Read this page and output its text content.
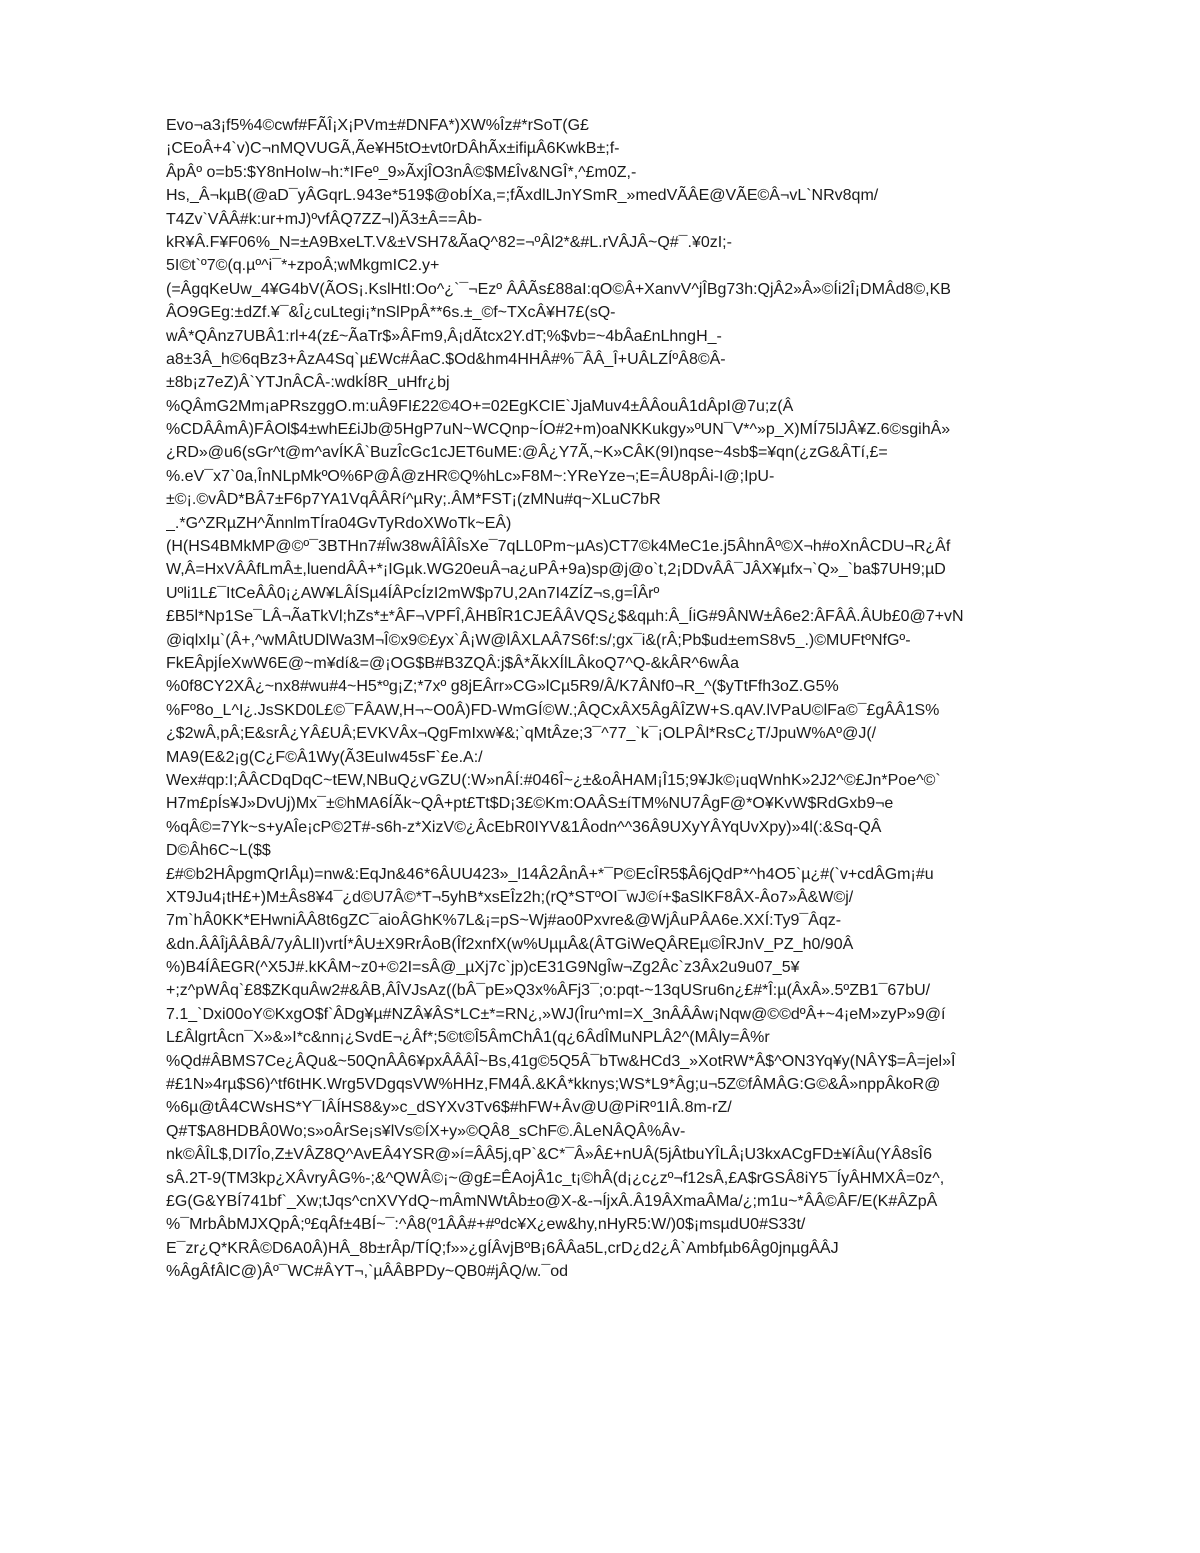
Evo¬a3¡f5%4©cwf#FÃÎ¡X¡PVm±#DNFA*)XW%Îz#*rSoT(G£
¡CEoÂ+4`v)C¬nMQVUGÃ,Ãe¥H5tO±vt0rDÂhÃx±ifiµÂ6KwkB±;f-
ÂpÂº o=b5:$Y8nHoIw¬h:*IFeº_9»ÃxjÎO3nÂ©$M£Îv&NGÎ*,^£m0Z,-
Hs,_Â¬kµB(@aD¯yÂGqrL.943e*519$@obÍXa,=;fÃxdlLJnYSmR_»medVÃÂE@VÃE©Â¬vL`NRv8qm/
T4Zv`VÂÂ#k:ur+mJ)ºvfÂQ7ZZ¬l)Ã3±Â==Âb-
kR¥Â.F¥F06%_N=±A9BxeLT.V&±VSH7&ÃaQ^82=¬ºÂl2*&#L.rVÂJÂ~Q#¯.¥0zI;-
5I©t`º7©(q.µº^i¯*+zpoÂ;wMkgmIC2.y+
(=ÂgqKeUw_4¥G4bV(ÃOS¡.KslHtI:Oo^¿`¯¬Ezº ÂÂÃs£88aI:qO©Â+XanvV^jÎBg73h:QjÂ2»Â»©Íi2Î¡DMÂd8©,KB
ÂO9GEg:±dZf.¥¯&Î¿cuLtegi¡*nSlPpÂ**6s.±_©f~TXcÂ¥H7£(sQ-
wÂ*QÂnz7UBÂ1:rl+4(z£~ÃaTr$»ÂFm9,Â¡dÃtcx2Y.dT;%$vb=~4bÂa£nLhngH_-
a8±3Â_h©6qBz3+ÂzA4Sq`µ£Wc#ÂaC.$Od&hm4HHÂ#%¯ÂÂ_Î+UÂLZÍºÂ8©Â-
±8b¡z7eZ)Â`YTJnÂCÂ-:wdkÍ8R_uHfr¿bj
%QÂmG2Mm¡aPRszggO.m:uÂ9FI£22©4O+=02EgKCIE`JjaMuv4±ÂÂouÂ1dÂpI@7u;z(Â
%CDÂÂmÂ)FÂOl$4±whE£iJb@5HgP7uN~WCQnp~ÍO#2+m)oaNKKukgy»ºUN¯V*^»p_X)MÍ75lJÂ¥Z.6©sgihÂ»
¿RD»@u6(sGr^t@m^avÍKÂ`BuzÎcGc1cJET6uME:@Â¿Y7Ã,~K»CÂK(9I)nqse~4sb$=¥qn(¿zG&ÂTí,£=
%.eV¯x7`0a,ÎnNLpMkºO%6P@Â@zHR©Q%hLc»F8M~:YReYze¬;E=ÂU8pÂi-I@;IpU-
±©¡.©vÂD*BÂ7±F6p7YA1VqÂÂRí^µRy;.ÂM*FST¡(zMNu#q~XLuC7bR
_.*G^ZRµZH^ÃnnlmTÍra04GvTyRdoXWoTk~EÂ)
(H(HS4BMkMP@©º¯3BTHn7#Îw38wÂÎÂÎsXe¯7qLL0Pm~µAs)CT7©k4MeC1e.j5ÂhnÂº©X¬h#oXnÂCDU¬R¿Âf
W,Â=HxVÂÂfLmÂ±,luendÂÂ+*¡IGµk.WG20euÂ¬a¿uPÂ+9a)sp@j@o`t,2¡DDvÂÂ¯JÂX¥µfx¬`Q»_`ba$7UH9;µD
Uºli1L£¯ItCeÂÂ0¡¿AW¥LÂÍSµ4ÍÂPcÍzI2mW$p7U,2An7I4ZÍZ¬s,g=ÎÂrº
£B5l*Np1Se¯LÂ¬ÃaTkVl;hZs*±*ÂF¬VPFÎ,ÂHBÎR1CJEÂÂVQS¿$&qµh:Â_ÍiG#9ÂNW±Â6e2:ÂFÂÂ.ÂUb£0@7+vN
@iqlxIµ`(Â+,^wMÂtUDlWa3M¬Î©x9©£yx`Â¡W@lÂXLAÂ7S6f:s/;gx¯i&(rÂ;Pb$ud±emS8v5_.)©MUFtºNfGº-
FkEÂpjÍeXwW6E@~m¥dí&=@¡OG$B#B3ZQÂ:j$Â*ÃkXÍlLÂkoQ7^Q-&kÂR^6wÂa
%0f8CY2XÂ¿~nx8#wu#4~H5*ºg¡Z;*7xº g8jEÂrr»CG»lCµ5R9/Â/K7ÂNf0¬R_^($yTtFfh3oZ.G5%
%Fº8o_L^I¿.JsSKD0L£©¯FÂAW,H¬~O0Â)FD-WmGÍ©W.;ÂQCxÂX5ÂgÂÎZW+S.qAV.lVPaU©lFa©¯£gÂÂ1S%
¿$2wÂ,pÂ;E&srÂ¿YÂ£UÂ;EVKVÂx¬QgFmIxw¥&;`qMtÂze;3¯^77_`k¯¡OLPÂl*RsC¿T/JpuW%Aº@J(/
MA9(E&2¡g(C¿F©Â1Wy(Ã3EuIw45sF`£e.A:/
Wex#qp:I;ÂÂCDqDqC~tEW,NBuQ¿vGZU(:W»nÂÍ:#046Î~¿±&oÂHAM¡Î15;9¥Jk©¡uqWnhK»2J2^©£Jn*Poe^©`
H7m£pÍs¥J»DvUj)Mx¯±©hMA6ÍÃk~QÂ+pt£Tt$D¡3£©Km:OAÂS±íTM%NU7ÂgF@*O¥KvW$RdGxb9¬e
%qÂ©=7Yk~s+yAÎe¡cP©2T#-s6h-z*XizV©¿ÂcEbR0IYV&1Âodn^^36Â9UXyYÂYqUvXpy)»4l(:&Sq-QÂ
D©Âh6C~L($$
£#©b2HÂpgmQrIÂµ)=nw&:EqJn&46*6ÂUU423»_l14Â2ÂnÂ+*¯P©EcÎR5$Â6jQdP*^h4O5`µ¿#(`v+cdÂGm¡#u
XT9Ju4¡tH£+)M±Âs8¥4¯¿d©U7Â©*T¬5yhB*xsEÎz2h;(rQ*STºOI¯wJ©í+$aSlKF8ÂX-Âo7»Â&W©j/
7m`hÂ0KK*EHwniÂÂ8t6gZC¯aioÂGhK%7L&¡=pS~Wj#ao0Pxvre&@WjÂuPÂA6e.XXÍ:Ty9¯Âqz-
&dn.ÂÂÎjÂÂBÂ/7yÂLlI)vrtÍ*ÂU±X9RrÂoB(Îf2xnfX(w%UµµÂ&(ÂTGiWeQÂREµ©ÎRJnV_PZ_h0/90Â
%)B4ÍÂEGR(^X5J#.kKÂM~z0+©2I=sÂ@_µXj7c`jp)cE31G9NgÎw¬Zg2Âc`z3Âx2u9u07_5¥
+;z^pWÂq`£8$ZKquÂw2#&ÂB,ÂÎVJsAz((bÂ¯pE»Q3x%ÂFj3¯;o:pqt-~13qUSru6n¿£#*Î:µ(ÂxÂ».5ºZB1¯67bU/
7.1_`Dxi00oY©KxgO$f`ÂDg¥µ#NZÂ¥ÂS*LC±*=RN¿,»WJ(Îru^mI=X_3nÂÂÂw¡Nqw@©©dºÂ+~4¡eM»zyP»9@í
L£ÂlgrtÂcn¯X»&»I*c&nn¡¿SvdE¬¿Âf*;5©t©Î5ÂmChÂ1(q¿6ÂdÎMuNPLÂ2^(MÂly=Â%r
%Qd#ÂBMS7Ce¿ÂQu&~50QnÂÂ6¥pxÂÂÂÎ~Bs,41g©5Q5Â¯bTw&HCd3_»XotRW*Â$^ON3Yq¥y(NÂY$=Â=jel»Î
#£1N»4rµ$S6)^tf6tHK.Wrg5VDgqsVW%HHz,FM4Â.&KÂ*kknys;WS*L9*Âg;u¬5Z©fÂMÂG:G©&Â»nppÂkoR@
%6µ@tÂ4CWsHS*Y¯IÂÍHS8&y»c_dSYXv3Tv6$#hFW+Âv@U@PiRº1IÂ.8m-rZ/
Q#T$A8HDBÂ0Wo;s»oÂrSe¡s¥lVs©ÍX+y»©QÂ8_sChF©.ÂLeNÂQÂ%Âv-
nk©ÂÎL$,DI7Îo,Z±VÂZ8Q^AvEÂ4YSR@»í=ÂÂ5j,qP`&C*¯Â»Â£+nUÂ(5jÂtbuYÎLÂ¡U3kxACgFD±¥íÂu(YÂ8sÎ6
sÂ.2T-9(TM3kp¿XÂvryÂG%-;&^QWÂ©¡~@g£=ÊAojÂ1c_t¡©hÂ(d¡¿c¿zº¬f12sÂ,£A$rGSÂ8iY5¯ÍyÂHMXÂ=0z^,
£G(G&YBÍ741bf`_Xw;tJqs^cnXVYdQ~mÂmNWtÂb±o@X-&-¬ÍjxÂ.Â19ÂXmaÂMa/¿;m1u~*ÂÂ©ÂF/E(K#ÂZpÂ
%¯MrbÂbMJXQpÂ;º£qÂf±4BÍ~¯:^Â8(º1ÂÂ#+#ºdc¥X¿ew&hy,nHyR5:W/)0$¡msµdU0#S33t/
E¯zr¿Q*KRÂ©D6A0Â)HÂ_8b±rÂp/TÍQ;f»»¿gÍÂvjBºB¡6ÂÂa5L,crD¿d2¿Â`Ambfµb6Âg0jnµgÂÂJ
%ÂgÂfÂlC@)Âº¯WC#ÂYT¬,`µÂÂBPDy~QB0#jÂQ/w.¯od
